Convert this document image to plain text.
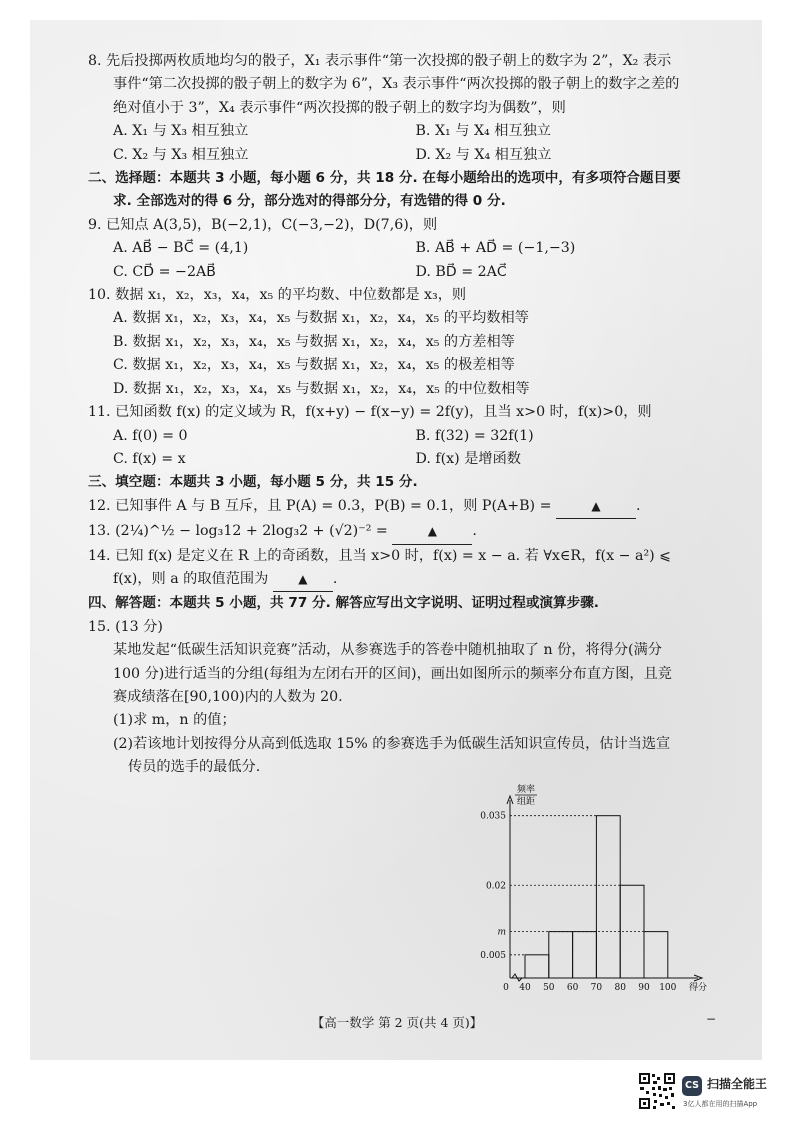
8. 先后投掷两枚质地均匀的骰子，X₁ 表示事件“第一次投掷的骰子朝上的数字为 2”，X₂ 表示
事件“第二次投掷的骰子朝上的数字为 6”，X₃ 表示事件“两次投掷的骰子朝上的数字之差的
绝对值小于 3”，X₄ 表示事件“两次投掷的骰子朝上的数字均为偶数”，则
A. X₁ 与 X₃ 相互独立	B. X₁ 与 X₄ 相互独立
C. X₂ 与 X₃ 相互独立	D. X₂ 与 X₄ 相互独立
二、选择题：本题共 3 小题，每小题 6 分，共 18 分. 在每小题给出的选项中，有多项符合题目要
求. 全部选对的得 6 分，部分选对的得部分分，有选错的得 0 分.
9. 已知点 A(3,5)，B(−2,1)，C(−3,−2)，D(7,6)，则
A. AB⃗ − BC⃗ = (4,1)	B. AB⃗ + AD⃗ = (−1,−3)
C. CD⃗ = −2AB⃗	D. BD⃗ = 2AC⃗
10. 数据 x₁，x₂，x₃，x₄，x₅ 的平均数、中位数都是 x₃，则
A. 数据 x₁，x₂，x₃，x₄，x₅ 与数据 x₁，x₂，x₄，x₅ 的平均数相等
B. 数据 x₁，x₂，x₃，x₄，x₅ 与数据 x₁，x₂，x₄，x₅ 的方差相等
C. 数据 x₁，x₂，x₃，x₄，x₅ 与数据 x₁，x₂，x₄，x₅ 的极差相等
D. 数据 x₁，x₂，x₃，x₄，x₅ 与数据 x₁，x₂，x₄，x₅ 的中位数相等
11. 已知函数 f(x) 的定义域为 R，f(x+y) − f(x−y) = 2f(y)，且当 x>0 时，f(x)>0，则
A. f(0) = 0	B. f(32) = 32f(1)
C. f(x) = x	D. f(x) 是增函数
三、填空题：本题共 3 小题，每小题 5 分，共 15 分.
12. 已知事件 A 与 B 互斥，且 P(A) = 0.3，P(B) = 0.1，则 P(A+B) =	▲ .
13. (2¼)^½ − log₃12 + 2log₃2 + (√2)⁻² =	▲ .
14. 已知 f(x) 是定义在 R 上的奇函数，且当 x>0 时，f(x) = x − a. 若 ∀x∈R，f(x − a²) ⩽
f(x)，则 a 的取值范围为 ▲ .
四、解答题：本题共 5 小题，共 77 分. 解答应写出文字说明、证明过程或演算步骤.
15. (13 分)
某地发起“低碳生活知识竞赛”活动，从参赛选手的答卷中随机抽取了 n 份，将得分(满分
100 分)进行适当的分组(每组为左闭右开的区间)，画出如图所示的频率分布直方图，且竞
赛成绩落在[90,100)内的人数为 20.
(1)求 m，n 的值；
(2)若该地计划按得分从高到低选取 15% 的参赛选手为低碳生活知识宣传员，估计当选宣
传员的选手的最低分.
频率
组距
0.005
m
0.02
0.035
0 40 50 60 70 80 90 100 得分
【高一数学 第 2 页(共 4 页)】	−
CS 扫描全能王
3亿人都在用的扫描App
